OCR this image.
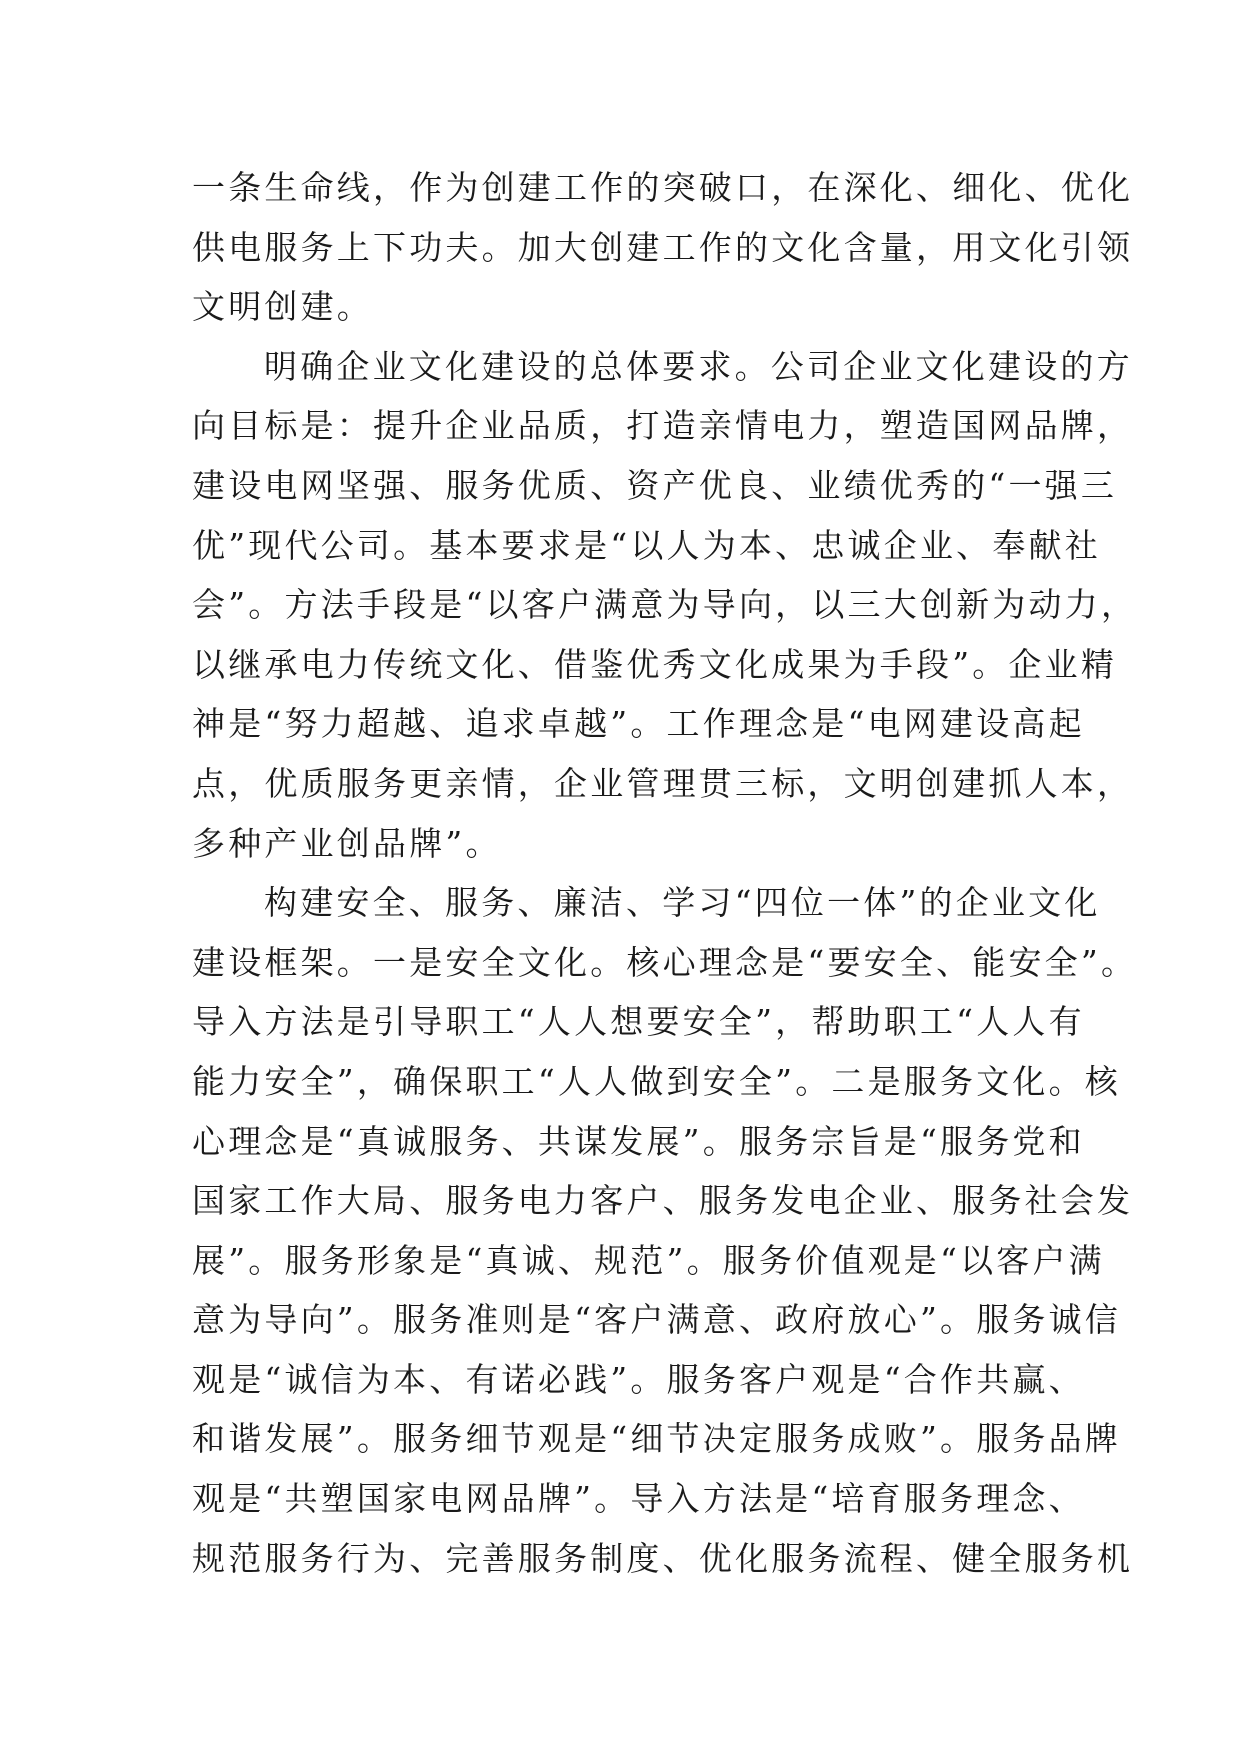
一条生命线，作为创建工作的突破口，在深化、细化、优化
供电服务上下功夫。加大创建工作的文化含量，用文化引领
文明创建。
明确企业文化建设的总体要求。公司企业文化建设的方
向目标是：提升企业品质，打造亲情电力，塑造国网品牌，
建设电网坚强、服务优质、资产优良、业绩优秀的“一强三
优”现代公司。基本要求是“以人为本、忠诚企业、奉献社
会”。方法手段是“以客户满意为导向，以三大创新为动力，
以继承电力传统文化、借鉴优秀文化成果为手段”。企业精
神是“努力超越、追求卓越”。工作理念是“电网建设高起
点，优质服务更亲情，企业管理贯三标，文明创建抓人本，
多种产业创品牌”。
构建安全、服务、廉洁、学习“四位一体”的企业文化
建设框架。一是安全文化。核心理念是“要安全、能安全”。
导入方法是引导职工“人人想要安全”，帮助职工“人人有
能力安全”，确保职工“人人做到安全”。二是服务文化。核
心理念是“真诚服务、共谋发展”。服务宗旨是“服务党和
国家工作大局、服务电力客户、服务发电企业、服务社会发
展”。服务形象是“真诚、规范”。服务价值观是“以客户满
意为导向”。服务准则是“客户满意、政府放心”。服务诚信
观是“诚信为本、有诺必践”。服务客户观是“合作共赢、
和谐发展”。服务细节观是“细节决定服务成败”。服务品牌
观是“共塑国家电网品牌”。导入方法是“培育服务理念、
规范服务行为、完善服务制度、优化服务流程、健全服务机
